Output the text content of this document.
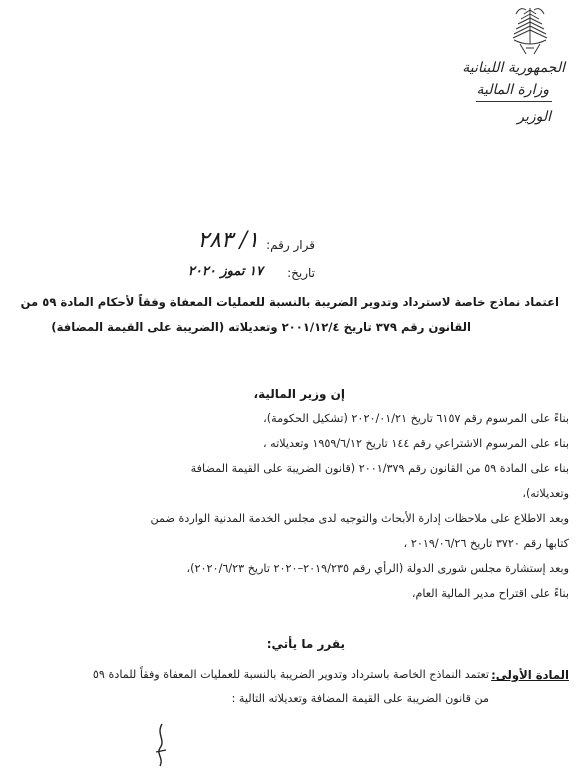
الجمهورية اللبنانية
وزارة المالية
الوزير
قرار رقم:
١/ ٢٨٣
تاريخ:
١٧ تموز ٢٠٢٠
اعتماد نماذج خاصة لاسترداد وتدوير الضريبة بالنسبة للعمليات المعفاة وفقاً لأحكام المادة ٥٩ من
القانون رقم ٣٧٩ تاريخ ٢٠٠١/١٢/٤ وتعديلاته (الضريبة على القيمة المضافة)
إن وزير المالية،
بناءً على المرسوم رقم ٦١٥٧ تاريخ ٢٠٢٠/٠١/٢١ (تشكيل الحكومة)،
بناء على المرسوم الاشتراعي رقم ١٤٤ تاريخ ١٩٥٩/٦/١٢ وتعديلاته ،
بناء على المادة ٥٩ من القانون رقم ٢٠٠١/٣٧٩ (قانون الضريبة على القيمة المضافة
وتعديلاته)،
وبعد الاطلاع على ملاحظات إدارة الأبحاث والتوجيه لدى مجلس الخدمة المدنية الواردة ضمن
كتابها رقم ٣٧٢٠ تاريخ ٢٠١٩/٠٦/٢٦ ،
وبعد إستشارة مجلس شورى الدولة (الرأي رقم ٢٠١٩/٢٣٥–٢٠٢٠ تاريخ ٢٠٢٠/٦/٢٣)،
بناءً على اقتراح مدير المالية العام،
يقرر ما يأتي:
المادة الأولى:
تعتمد النماذج الخاصة باسترداد وتدوير الضريبة بالنسبة للعمليات المعفاة وفقاً للمادة ٥٩
من قانون الضريبة على القيمة المضافة وتعديلاته التالية :
